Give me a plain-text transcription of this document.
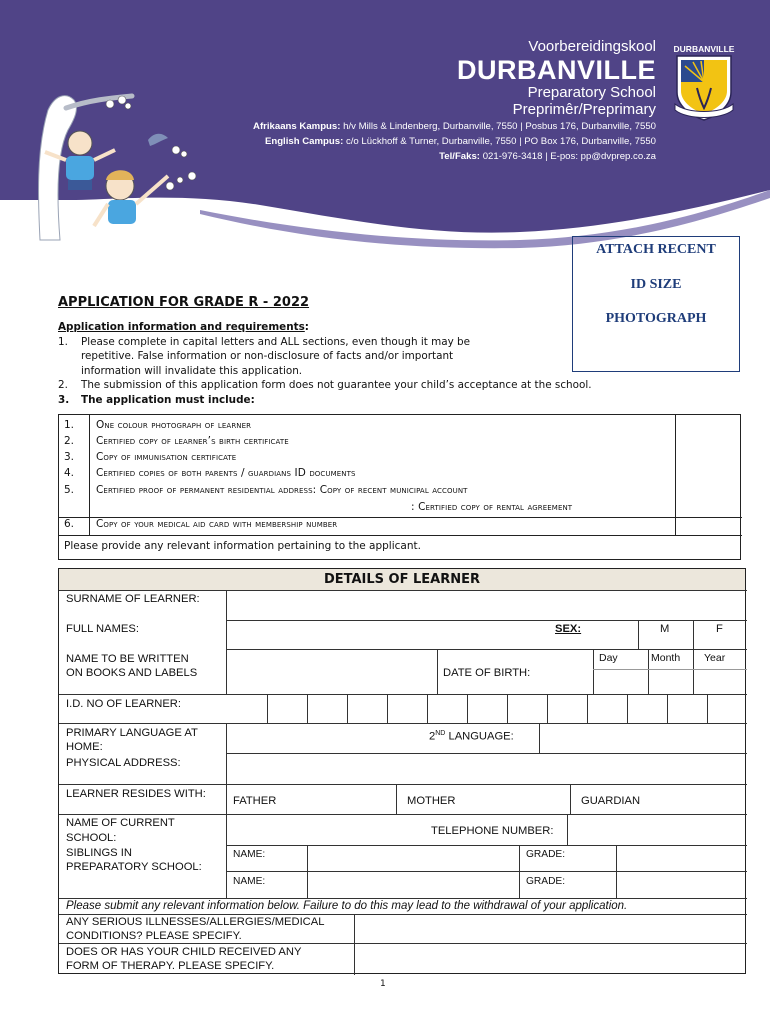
Voorbereidingskool
DURBANVILLE
Preparatory School
Preprimêr/Preprimary
Afrikaans Kampus: h/v Mills & Lindenberg, Durbanville, 7550 | Posbus 176, Durbanville, 7550
English Campus: c/o Lückhoff & Turner, Durbanville, 7550 | PO Box 176, Durbanville, 7550
Tel/Faks: 021-976-3418 | E-pos: pp@dvprep.co.za
DURBANVILLE
ATTACH RECENT
ID SIZE
PHOTOGRAPH
APPLICATION FOR GRADE R - 2022
Application information and requirements:
1. Please complete in capital letters and ALL sections, even though it may be
repetitive. False information or non-disclosure of facts and/or important
information will invalidate this application.
2. The submission of this application form does not guarantee your child’s acceptance at the school.
3. The application must include:
1. One colour photograph of learner
2. Certified copy of learner’s birth certificate
3. Copy of immunisation certificate
4. Certified copies of both parents / guardians ID documents
5. Certified proof of permanent residential address: Copy of recent municipal account
: Certified copy of rental agreement
6. Copy of your medical aid card with membership number
Please provide any relevant information pertaining to the applicant.
DETAILS OF LEARNER
SURNAME OF LEARNER:
FULL NAMES:	SEX:	M	F
NAME TO BE WRITTEN
ON BOOKS AND LABELS	DATE OF BIRTH:
Day	Month Year
I.D. NO OF LEARNER:
PRIMARY LANGUAGE AT
HOME:
2ND LANGUAGE:
PHYSICAL ADDRESS:
LEARNER RESIDES WITH:
FATHER	MOTHER	GUARDIAN
NAME OF CURRENT
SCHOOL:
TELEPHONE NUMBER:
SIBLINGS IN
PREPARATORY SCHOOL:
NAME:	GRADE:
NAME:	GRADE:
Please submit any relevant information below. Failure to do this may lead to the withdrawal of your application.
ANY SERIOUS ILLNESSES/ALLERGIES/MEDICAL
CONDITIONS? PLEASE SPECIFY.
DOES OR HAS YOUR CHILD RECEIVED ANY
FORM OF THERAPY. PLEASE SPECIFY.
1
